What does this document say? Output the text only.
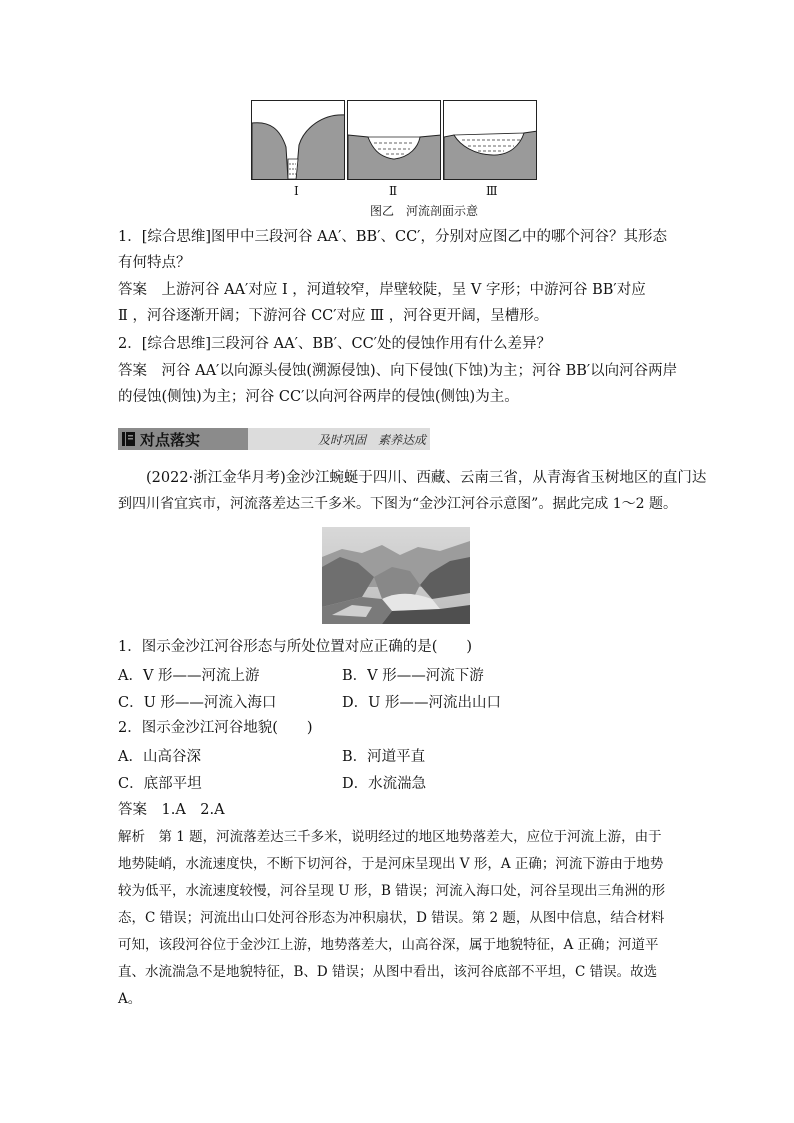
Ⅰ	Ⅱ	Ⅲ
图乙　河流剖面示意
1．[综合思维]图甲中三段河谷 AA′、BB′、CC′，分别对应图乙中的哪个河谷？其形态
有何特点？
答案　上游河谷 AA′对应 Ⅰ ，河道较窄，岸壁较陡，呈 V 字形；中游河谷 BB′对应
Ⅱ ，河谷逐渐开阔；下游河谷 CC′对应 Ⅲ ，河谷更开阔，呈槽形。
2．[综合思维]三段河谷 AA′、BB′、CC′处的侵蚀作用有什么差异？
答案　河谷 AA′以向源头侵蚀(溯源侵蚀)、向下侵蚀(下蚀)为主；河谷 BB′以向河谷两岸
的侵蚀(侧蚀)为主；河谷 CC′以向河谷两岸的侵蚀(侧蚀)为主。
对点落实	及时巩固　素养达成
(2022·浙江金华月考)金沙江蜿蜒于四川、西藏、云南三省，从青海省玉树地区的直门达
到四川省宜宾市，河流落差达三千多米。下图为“金沙江河谷示意图”。据此完成 1～2 题。
1．图示金沙江河谷形态与所处位置对应正确的是(　　)
A．V 形——河流上游	B．V 形——河流下游
C．U 形——河流入海口	D．U 形——河流出山口
2．图示金沙江河谷地貌(　　)
A．山高谷深	B．河道平直
C．底部平坦	D．水流湍急
答案　1.A　2.A
解析　第 1 题，河流落差达三千多米，说明经过的地区地势落差大，应位于河流上游，由于
地势陡峭，水流速度快，不断下切河谷，于是河床呈现出 V 形，A 正确；河流下游由于地势
较为低平，水流速度较慢，河谷呈现 U 形，B 错误；河流入海口处，河谷呈现出三角洲的形
态，C 错误；河流出山口处河谷形态为冲积扇状，D 错误。第 2 题，从图中信息，结合材料
可知，该段河谷位于金沙江上游，地势落差大，山高谷深，属于地貌特征，A 正确；河道平
直、水流湍急不是地貌特征，B、D 错误；从图中看出，该河谷底部不平坦，C 错误。故选
A。
